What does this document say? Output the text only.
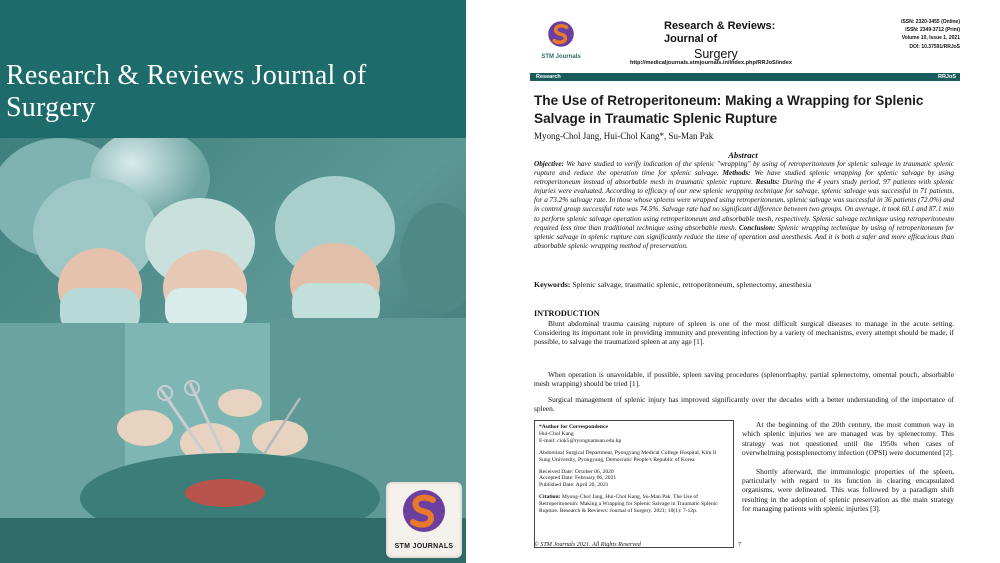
Research & Reviews Journal of Surgery
STM JOURNALS
STM Journals
Research & Reviews: Journal of
Surgery
ISSN: 2320-3455 (Online)
ISSN: 2349-3712 (Print)
Volume 10, Issue 1, 2021
DOI: 10.37591/RRJoS
http://medicaljournals.stmjournals.in/index.php/RRJoS/index
Research	RRJoS
The Use of Retroperitoneum: Making a Wrapping for Splenic Salvage in Traumatic Splenic Rupture
Myong-Chol Jang, Hui-Chol Kang*, Su-Man Pak
Abstract
Objective: We have studied to verify indication of the splenic "wrapping" by using of retroperitoneum for splenic salvage in traumatic splenic rupture and reduce the operation time for splenic salvage. Methods: We have studied splenic wrapping for splenic salvage by using retroperitoneum instead of absorbable mesh in traumatic splenic rupture. Results: During the 4 years study period, 97 patients with splenic injuries were evaluated. According to efficacy of our new splenic wrapping technique for salvage, splenic salvage was successful in 71 patients, for a 73.2% salvage rate. In those whose spleens were wrapped using retroperitoneum, splenic salvage was successful in 36 patients (72.0%) and in control group successful rate was 74.5%. Salvage rate had no significant difference between two groups. On average, it took 60.1 and 87.1 min to perform splenic salvage operation using retroperitoneum and absorbable mesh, respectively. Splenic salvage technique using retroperitoneum required less time than traditional technique using absorbable mesh. Conclusion: Splenic wrapping technique by using of retroperitoneum for splenic salvage in splenic rupture can significantly reduce the time of operation and anesthesis. And it is both a safer and more efficacious than absorbable splenic wrapping method of preservation.
Keywords: Splenic salvage, traumatic splenic, retroperitoneum, splenectomy, anesthesia
INTRODUCTION
Blunt abdominal trauma causing rupture of spleen is one of the most difficult surgical diseases to manage in the acute setting. Considering its important role in providing immunity and preventing infection by a variety of mechanisms, every attempt should be made, if possible, to salvage the traumatized spleen at any age [1].
When operation is unavoidable, if possible, spleen saving procedures (splenorrhaphy, partial splenectomy, omental pouch, absorbable mesh wrapping) should be tried [1].
Surgical management of splenic injury has improved significantly over the decades with a better understanding of the importance of spleen.
*Author for Correspondence
Hui-Chol Kang
E-mail: ciok5@ryongnamsan.edu.kp
Abdominal Surgical Department, Pyongyang Medical College Hospital, Kim Il Sung University, Pyongyang, Democratic People's Republic of Korea
Received Date: October 06, 2020
Accepted Date: February 06, 2021
Published Date: April 20, 2021
Citation: Myong-Chol Jang, Hui-Chol Kang, Su-Man Pak. The Use of Retroperitoneum: Making a Wrapping for Splenic Salvage in Traumatic Splenic Rupture. Research & Reviews: Journal of Surgery. 2021; 10(1): 7-12p.
At the beginning of the 20th century, the most common way in which splenic injuries we are managed was by splenectomy. This strategy was not questioned until the 1950s when cases of overwhelming postsplenectomy infection (OPSI) were documented [2].
Shortly afterward, the immunologic properties of the spleen, particularly with regard to its function in clearing encapsulated organisms, were delineated. This was followed by a paradigm shift resulting in the adoption of splenic preservation as the main strategy for managing patients with splenic injuries [3].
© STM Journals 2021. All Rights Reserved	7
